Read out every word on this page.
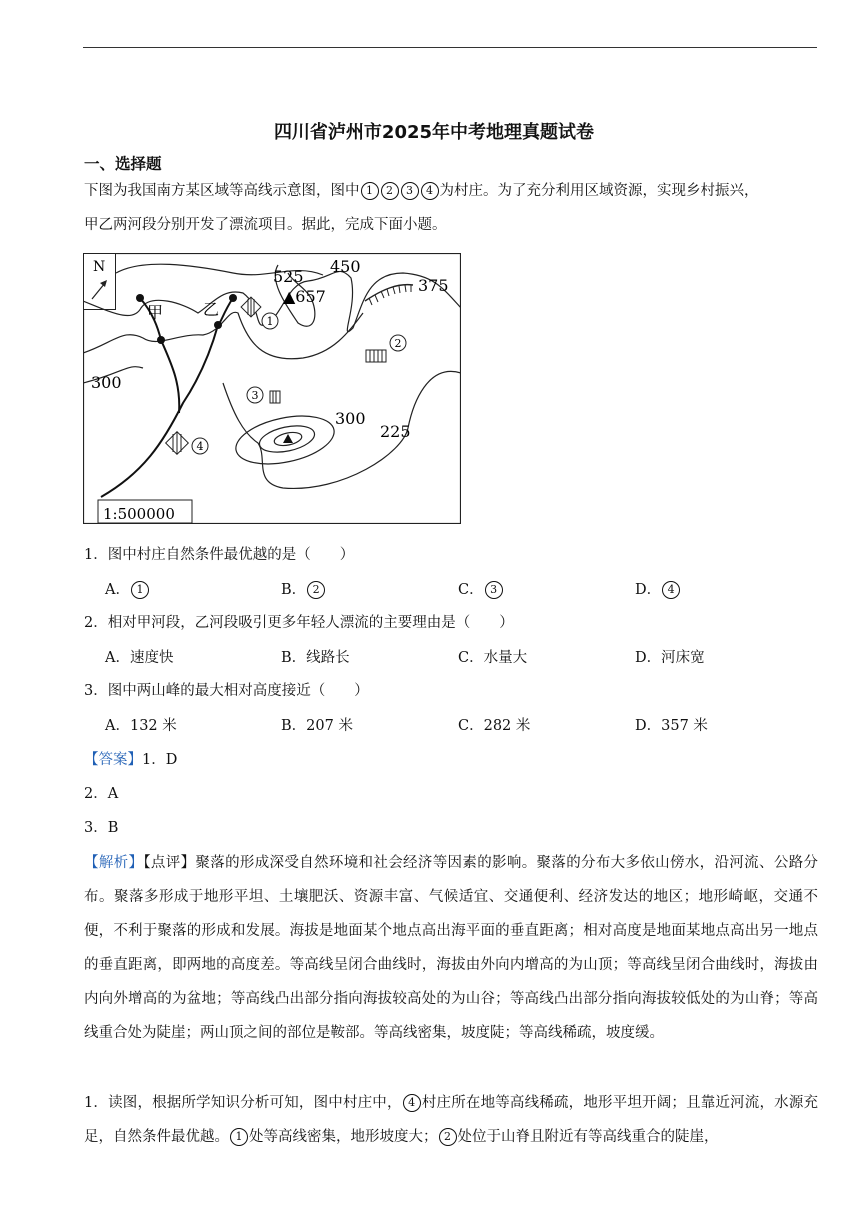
四川省泸州市2025年中考地理真题试卷
一、选择题
下图为我国南方某区域等高线示意图，图中 1 2 3 4 为村庄。为了充分利用区域资源，实现乡村振兴，
甲乙两河段分别开发了漂流项目。据此，完成下面小题。
N
1:500000
1
2
3
4
525
450
▲657
375
300
300
225
甲 乙
1．图中村庄自然条件最优越的是（　　）
A． 1	B． 2	C． 3	D． 4
2．相对甲河段，乙河段吸引更多年轻人漂流的主要理由是（　　）
A．速度快	B．线路长	C．水量大	D．河床宽
3．图中两山峰的最大相对高度接近（　　）
A．132 米	B．207 米	C．282 米	D．357 米
【答案】1．D
2．A
3．B
【解析】【点评】聚落的形成深受自然环境和社会经济等因素的影响。聚落的分布大多依山傍水，沿河流、公路分布。聚落多形成于地形平坦、土壤肥沃、资源丰富、气候适宜、交通便利、经济发达的地区；地形崎岖，交通不便，不利于聚落的形成和发展。海拔是地面某个地点高出海平面的垂直距离；相对高度是地面某地点高出另一地点的垂直距离，即两地的高度差。等高线呈闭合曲线时，海拔由外向内增高的为山顶；等高线呈闭合曲线时，海拔由内向外增高的为盆地；等高线凸出部分指向海拔较高处的为山谷；等高线凸出部分指向海拔较低处的为山脊；等高线重合处为陡崖；两山顶之间的部位是鞍部。等高线密集，坡度陡；等高线稀疏，坡度缓。
1．读图，根据所学知识分析可知，图中村庄中， 4 村庄所在地等高线稀疏，地形平坦开阔；且靠近河流，水源充足，自然条件最优越。 1 处等高线密集，地形坡度大； 2 处位于山脊且附近有等高线重合的陡崖，
